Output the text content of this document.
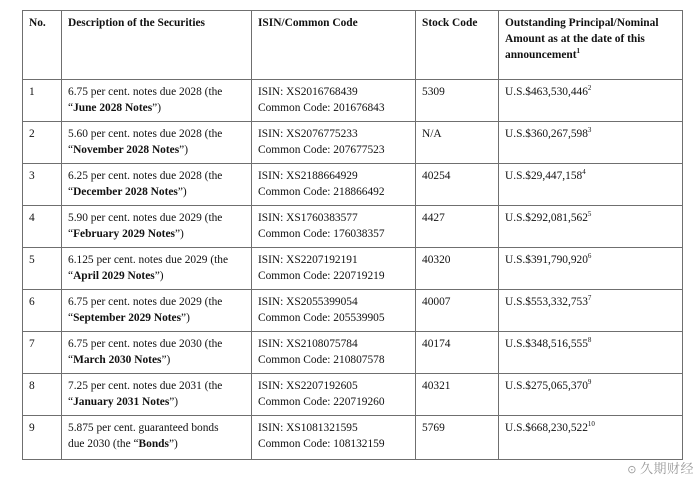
No.	Description of the Securities	ISIN/Common Code	Stock Code	Outstanding Principal/Nominal
Amount as at the date of this
announcement$^1$

1	6.75 per cent. notes due 2028 (the
“June 2028 Notes”)	ISIN: XS2016768439
Common Code: 201676843	5309	U.S.$463,530,446$^2$
2	5.60 per cent. notes due 2028 (the
“November 2028 Notes”)	ISIN: XS2076775233
Common Code: 207677523	N/A	U.S.$360,267,598$^3$
3	6.25 per cent. notes due 2028 (the
“December 2028 Notes”)	ISIN: XS2188664929
Common Code: 218866492	40254	U.S.$29,447,158$^4$
4	5.90 per cent. notes due 2029 (the
“February 2029 Notes”)	ISIN: XS1760383577
Common Code: 176038357	4427	U.S.$292,081,562$^5$
5	6.125 per cent. notes due 2029 (the
“April 2029 Notes”)	ISIN: XS2207192191
Common Code: 220719219	40320	U.S.$391,790,920$^6$
6	6.75 per cent. notes due 2029 (the
“September 2029 Notes”)	ISIN: XS2055399054
Common Code: 205539905	40007	U.S.$553,332,753$^7$
7	6.75 per cent. notes due 2030 (the
“March 2030 Notes”)	ISIN: XS2108075784
Common Code: 210807578	40174	U.S.$348,516,555$^8$
8	7.25 per cent. notes due 2031 (the
“January 2031 Notes”)	ISIN: XS2207192605
Common Code: 220719260	40321	U.S.$275,065,370$^9$
9	5.875 per cent. guaranteed bonds
due 2030 (the “Bonds”)	ISIN: XS1081321595
Common Code: 108132159	5769	U.S.$668,230,522$^{10}$
⊙ 久期财经
